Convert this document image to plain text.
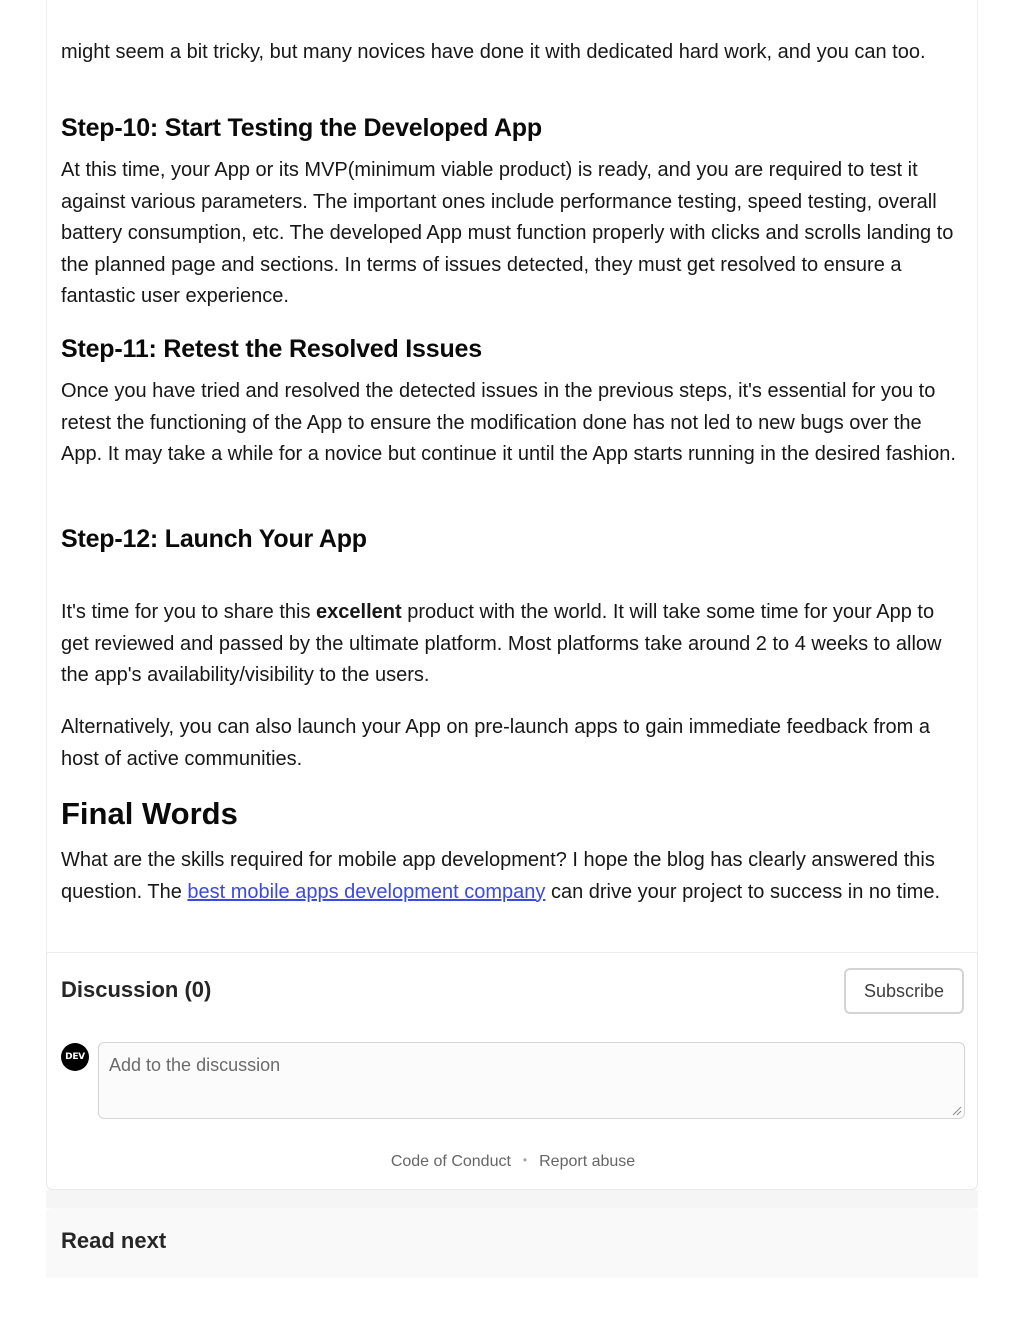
might seem a bit tricky, but many novices have done it with dedicated hard work, and you can too.

Step-10: Start Testing the Developed App

At this time, your App or its MVP(minimum viable product) is ready, and you are required to test it against various parameters. The important ones include performance testing, speed testing, overall battery consumption, etc. The developed App must function properly with clicks and scrolls landing to the planned page and sections. In terms of issues detected, they must get resolved to ensure a fantastic user experience.

Step-11: Retest the Resolved Issues

Once you have tried and resolved the detected issues in the previous steps, it's essential for you to retest the functioning of the App to ensure the modification done has not led to new bugs over the App. It may take a while for a novice but continue it until the App starts running in the desired fashion.

Step-12: Launch Your App

It's time for you to share this excellent product with the world. It will take some time for your App to get reviewed and passed by the ultimate platform. Most platforms take around 2 to 4 weeks to allow the app's availability/visibility to the users.

Alternatively, you can also launch your App on pre-launch apps to gain immediate feedback from a host of active communities.

Final Words

What are the skills required for mobile app development? I hope the blog has clearly answered this question. The best mobile apps development company can drive your project to success in no time.

Discussion (0)	Subscribe
DEV
Add to the discussion
Code of Conduct • Report abuse
Read next
